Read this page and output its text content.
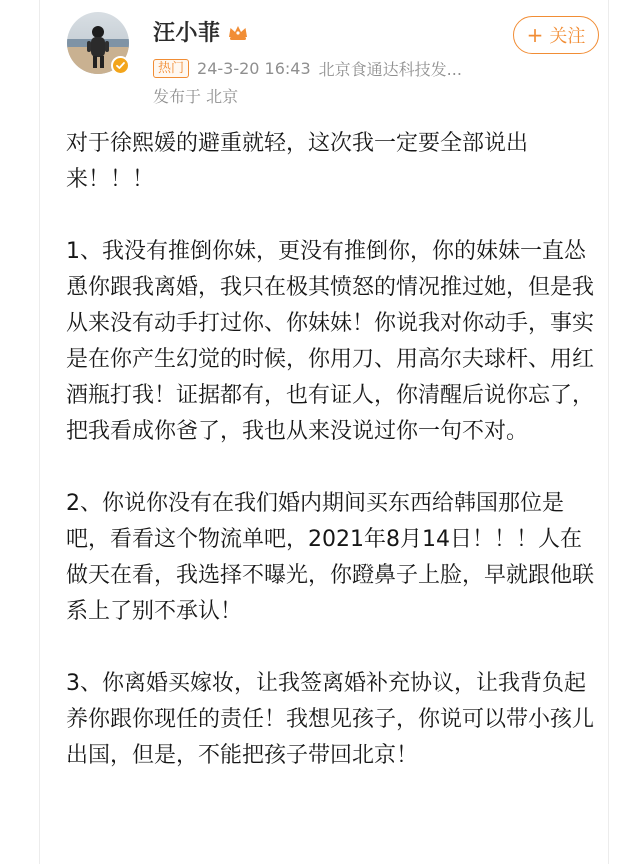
汪小菲
热门 24-3-20 16:43 北京食通达科技发...
发布于 北京
+ 关注

对于徐熙媛的避重就轻，这次我一定要全部说出来！！！

1、我没有推倒你妹，更没有推倒你，你的妹妹一直怂恿你跟我离婚，我只在极其愤怒的情况推过她，但是我从来没有动手打过你、你妹妹！你说我对你动手，事实是在你产生幻觉的时候，你用刀、用高尔夫球杆、用红酒瓶打我！证据都有，也有证人，你清醒后说你忘了，把我看成你爸了，我也从来没说过你一句不对。

2、你说你没有在我们婚内期间买东西给韩国那位是吧，看看这个物流单吧，2021年8月14日！！！人在做天在看，我选择不曝光，你蹬鼻子上脸，早就跟他联系上了别不承认！

3、你离婚买嫁妆，让我签离婚补充协议，让我背负起养你跟你现任的责任！我想见孩子，你说可以带小孩儿出国，但是，不能把孩子带回北京！
